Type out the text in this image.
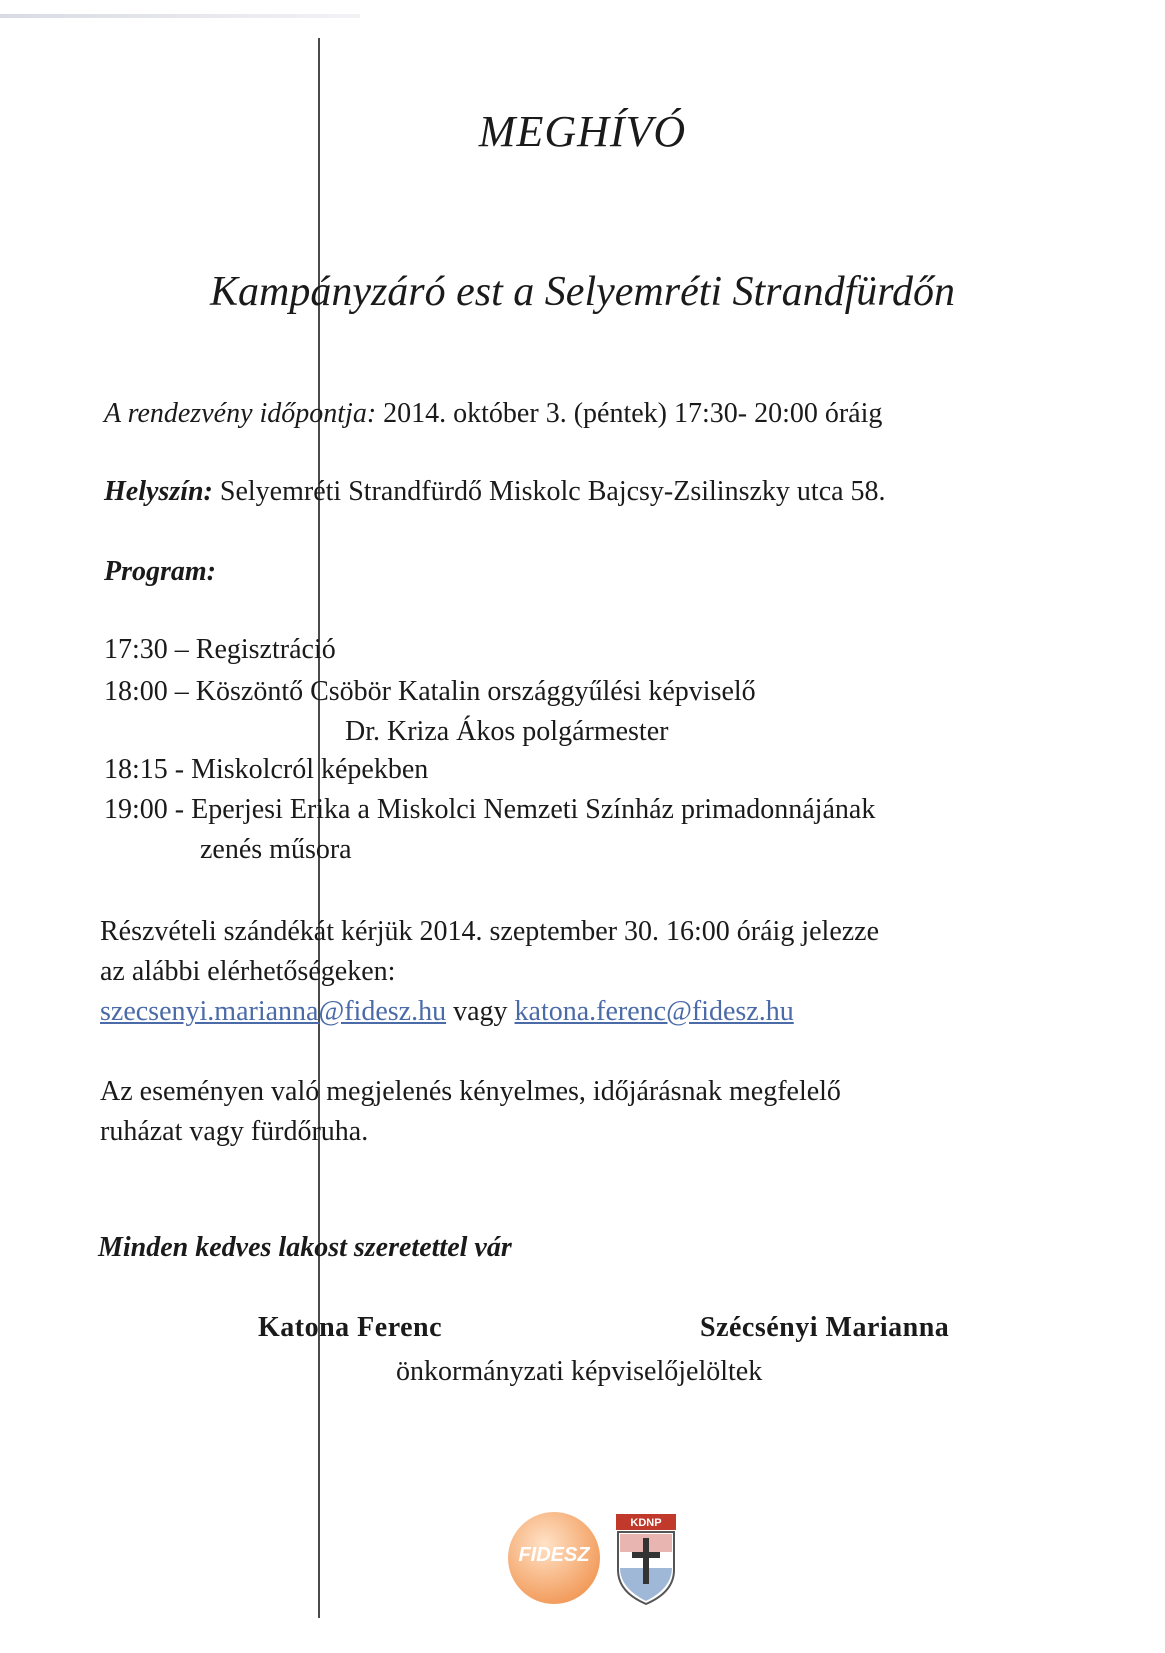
MEGHÍVÓ
Kampányzáró est a Selyemréti Strandfürdőn
A rendezvény időpontja: 2014. október 3. (péntek) 17:30- 20:00 óráig
Helyszín: Selyemréti Strandfürdő Miskolc Bajcsy-Zsilinszky utca 58.
Program:
17:30 – Regisztráció
18:00 – Köszöntő Csöbör Katalin országgyűlési képviselő
Dr. Kriza Ákos polgármester
18:15 - Miskolcról képekben
19:00 - Eperjesi Erika a Miskolci Nemzeti Színház primadonnájának
zenés műsora
Részvételi szándékát kérjük 2014. szeptember 30. 16:00 óráig jelezze
az alábbi elérhetőségeken:
szecsenyi.marianna@fidesz.hu vagy katona.ferenc@fidesz.hu
Az eseményen való megjelenés kényelmes, időjárásnak megfelelő
ruházat vagy fürdőruha.
Minden kedves lakost szeretettel vár
Katona Ferenc	Szécsényi Marianna
önkormányzati képviselőjelöltek
FIDESZ
KDNP
